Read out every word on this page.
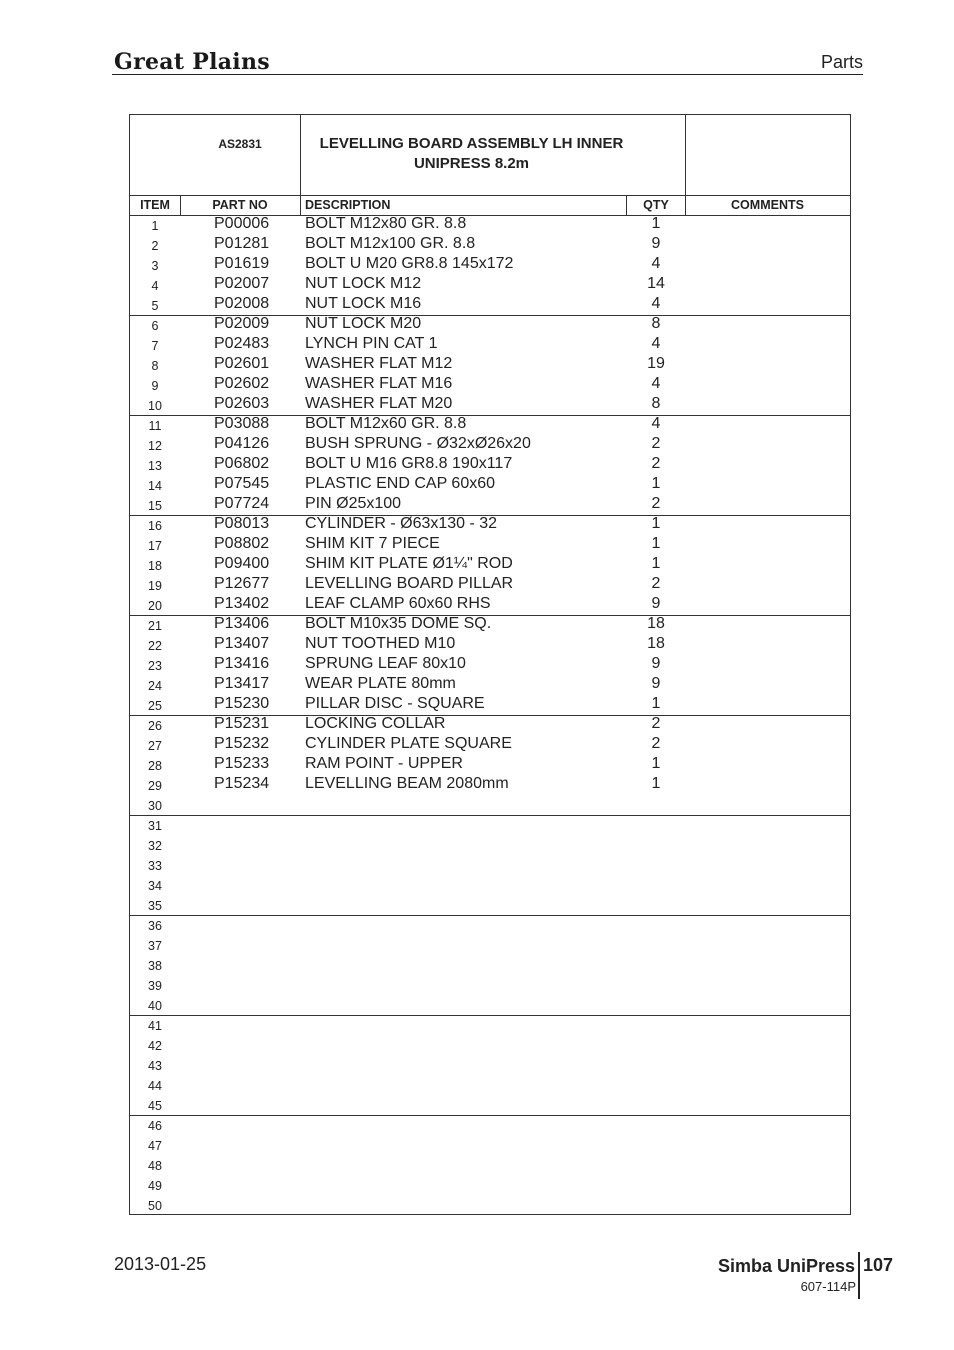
Great Plains	Parts
AS2831	LEVELLING BOARD ASSEMBLY LH INNER
UNIPRESS 8.2m
ITEM	PART NO	DESCRIPTION	QTY	COMMENTS
1	P00006 BOLT M12x80 GR. 8.8	1
2	P01281 BOLT M12x100 GR. 8.8	9
3	P01619 BOLT U M20 GR8.8 145x172	4
4	P02007 NUT LOCK M12	14
5	P02008 NUT LOCK M16	4
6	P02009 NUT LOCK M20	8
7	P02483 LYNCH PIN CAT 1	4
8	P02601 WASHER FLAT M12	19
9	P02602 WASHER FLAT M16	4
10	P02603 WASHER FLAT M20	8
11	P03088 BOLT M12x60 GR. 8.8	4
12	P04126 BUSH SPRUNG - Ø32xØ26x20	2
13	P06802 BOLT U M16 GR8.8 190x117	2
14	P07545 PLASTIC END CAP 60x60	1
15	P07724 PIN Ø25x100	2
16	P08013 CYLINDER - Ø63x130 - 32	1
17	P08802 SHIM KIT 7 PIECE	1
18	P09400 SHIM KIT PLATE Ø1¼" ROD	1
19	P12677 LEVELLING BOARD PILLAR	2
20	P13402 LEAF CLAMP 60x60 RHS	9
21	P13406 BOLT M10x35 DOME SQ.	18
22	P13407 NUT TOOTHED M10	18
23	P13416 SPRUNG LEAF 80x10	9
24	P13417 WEAR PLATE 80mm	9
25	P15230 PILLAR DISC - SQUARE	1
26	P15231 LOCKING COLLAR	2
27	P15232 CYLINDER PLATE SQUARE	2
28	P15233 RAM POINT - UPPER	1
29	P15234 LEVELLING BEAM 2080mm	1
30
31
32
33
34
35
36
37
38
39
40
41
42
43
44
45
46
47
48
49
50
2013-01-25	Simba UniPress 107
607-114P
